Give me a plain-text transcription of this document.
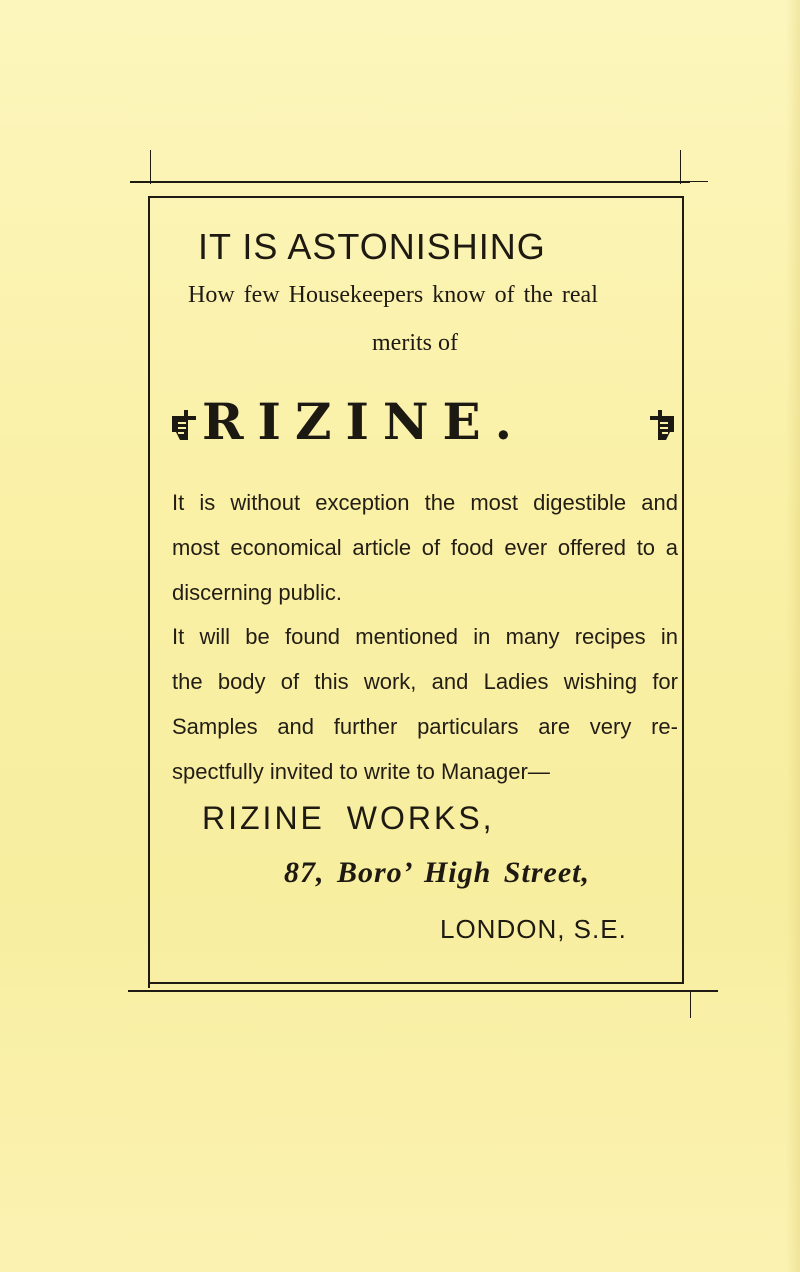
IT IS ASTONISHING
How few Housekeepers know of the real
merits of
RIZINE.
It is without exception the most digestible and
most economical article of food ever offered to a
discerning public.
It will be found mentioned in many recipes in
the body of this work, and Ladies wishing for
Samples and further particulars are very re-
spectfully invited to write to Manager—
RIZINE WORKS,
87, Boro’ High Street,
LONDON, S.E.
